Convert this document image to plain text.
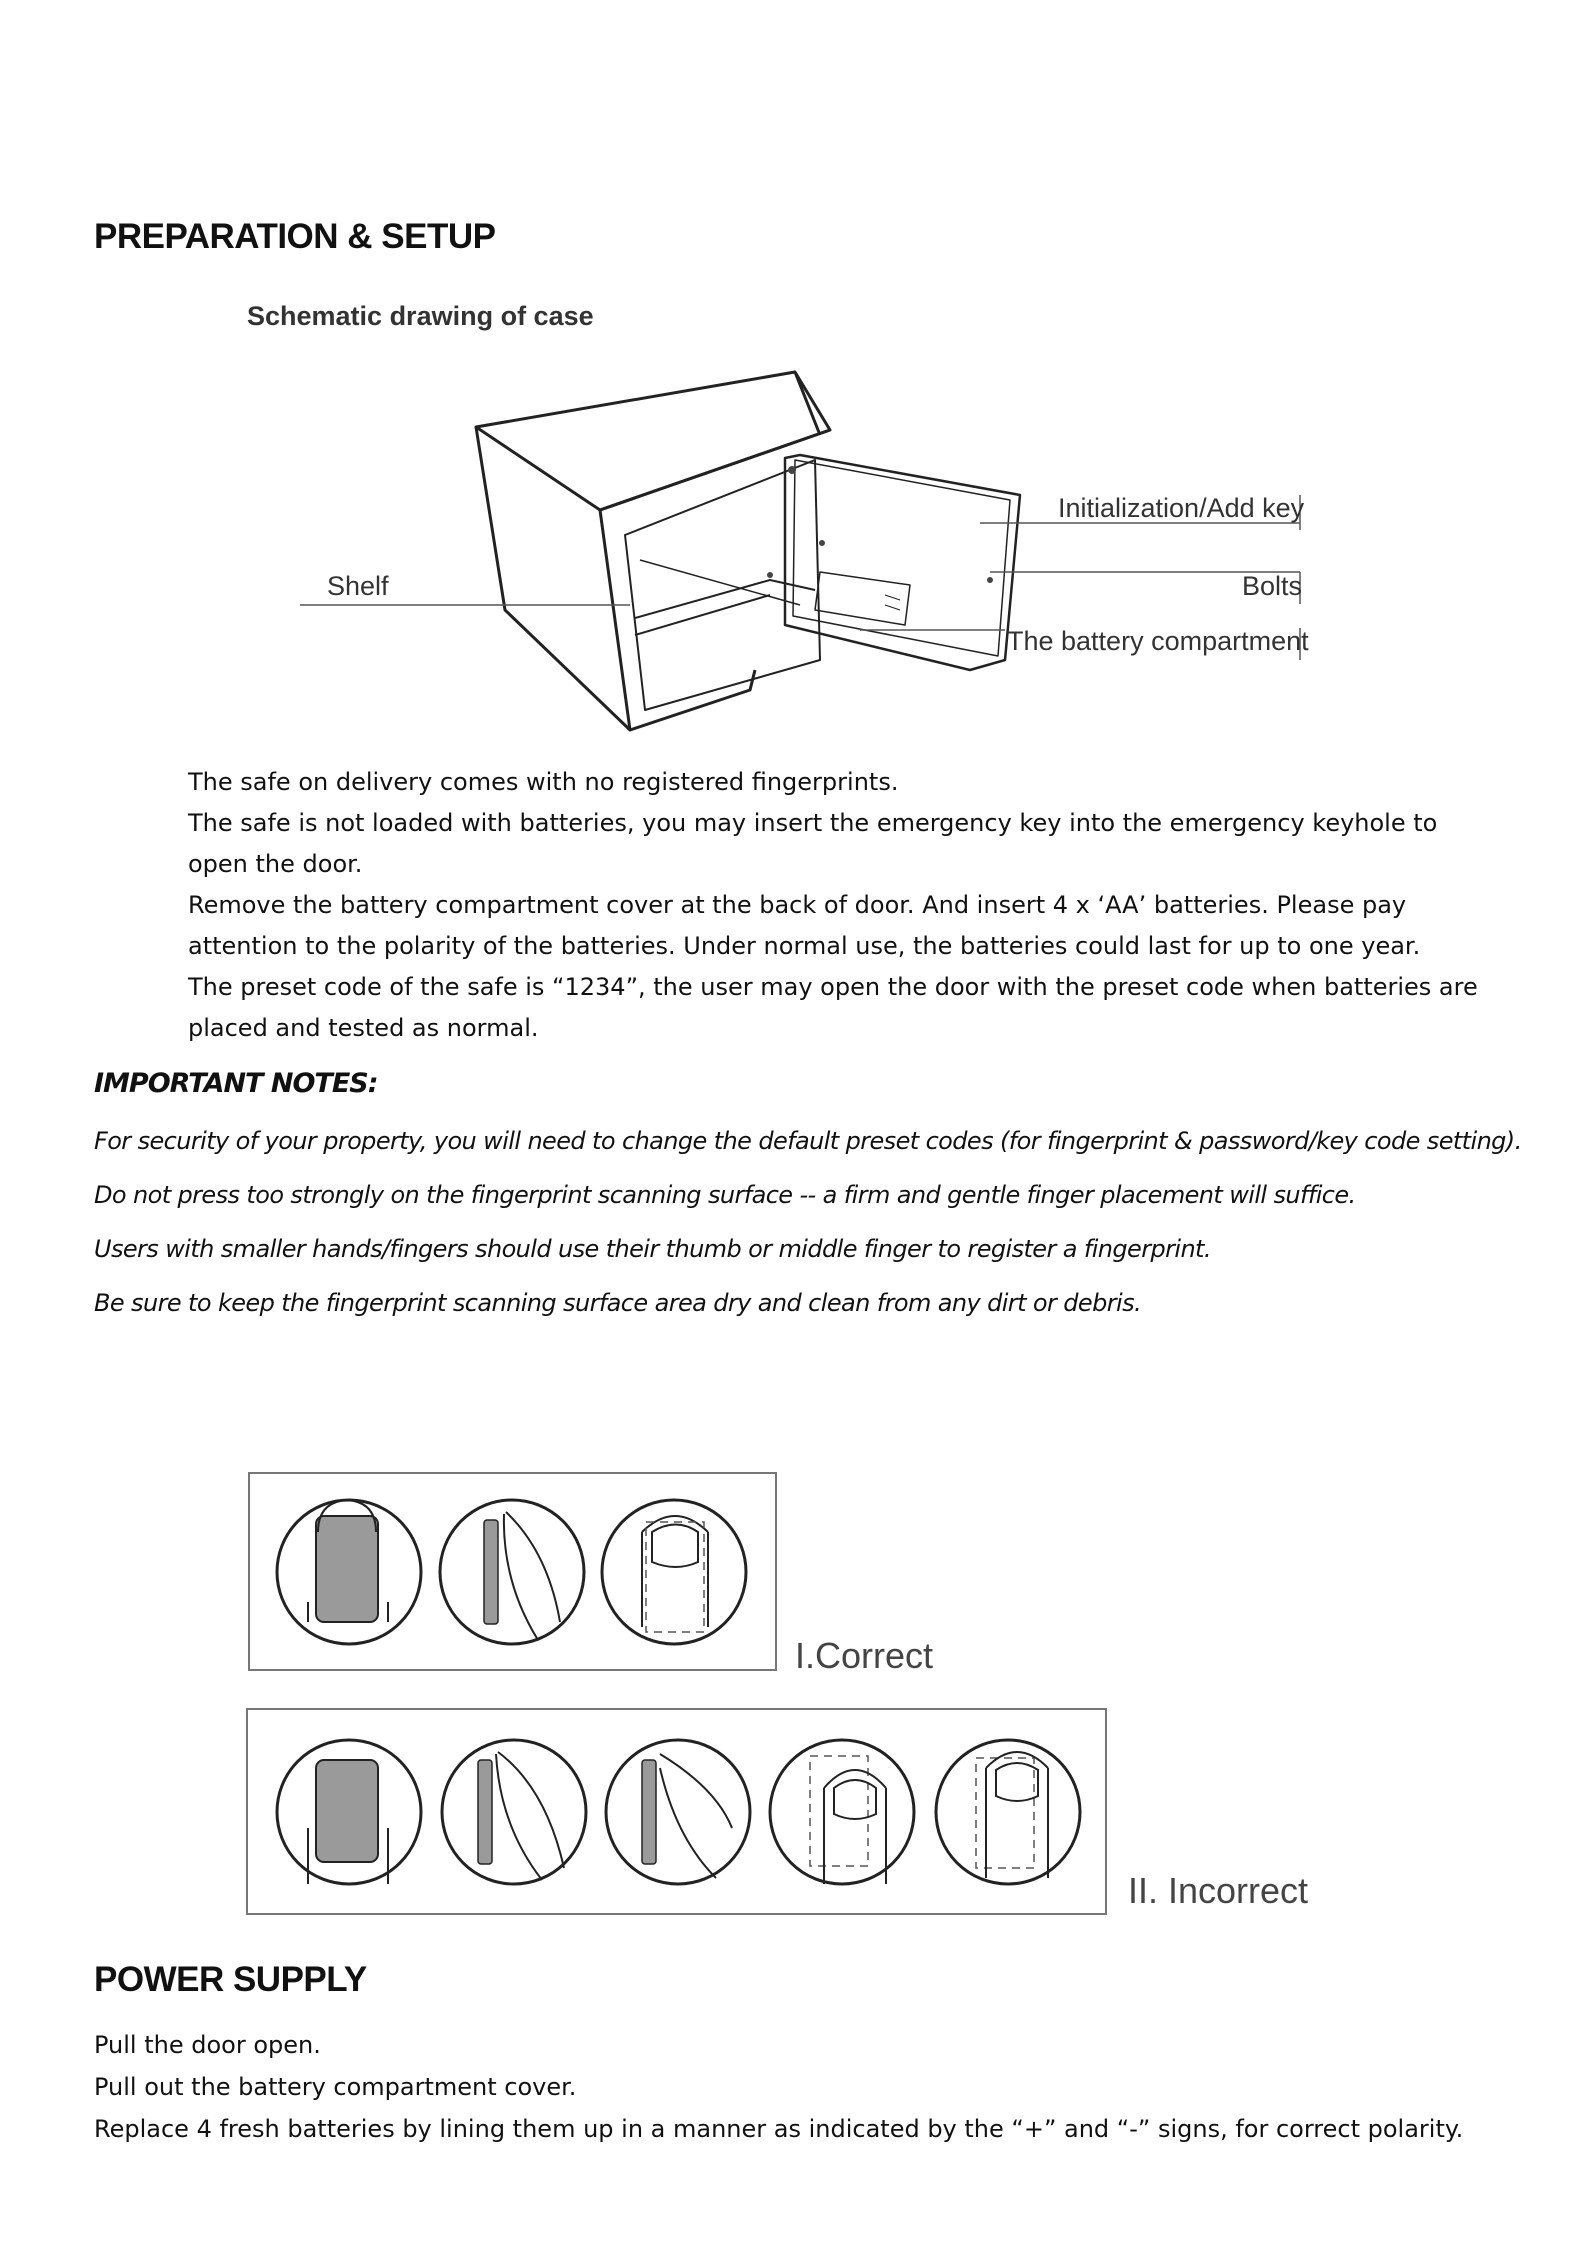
PREPARATION & SETUP
Schematic drawing of case
Initialization/Add key
Shelf	Bolts
The battery compartment

The safe on delivery comes with no registered fingerprints.

The safe is not loaded with batteries, you may insert the emergency key into the emergency keyhole to open the door.

Remove the battery compartment cover at the back of door. And insert 4 x ‘AA’ batteries. Please pay attention to the polarity of the batteries. Under normal use, the batteries could last for up to one year.

The preset code of the safe is “1234”, the user may open the door with the preset code when batteries are placed and tested as normal.

IMPORTANT NOTES:
For security of your property, you will need to change the default preset codes (for fingerprint & password/key code setting).
Do not press too strongly on the fingerprint scanning surface -- a firm and gentle finger placement will suffice.
Users with smaller hands/fingers should use their thumb or middle finger to register a fingerprint.
Be sure to keep the fingerprint scanning surface area dry and clean from any dirt or debris.
I.Correct
II. Incorrect
POWER SUPPLY
Pull the door open.
Pull out the battery compartment cover.
Replace 4 fresh batteries by lining them up in a manner as indicated by the “+” and “-” signs, for correct polarity.
